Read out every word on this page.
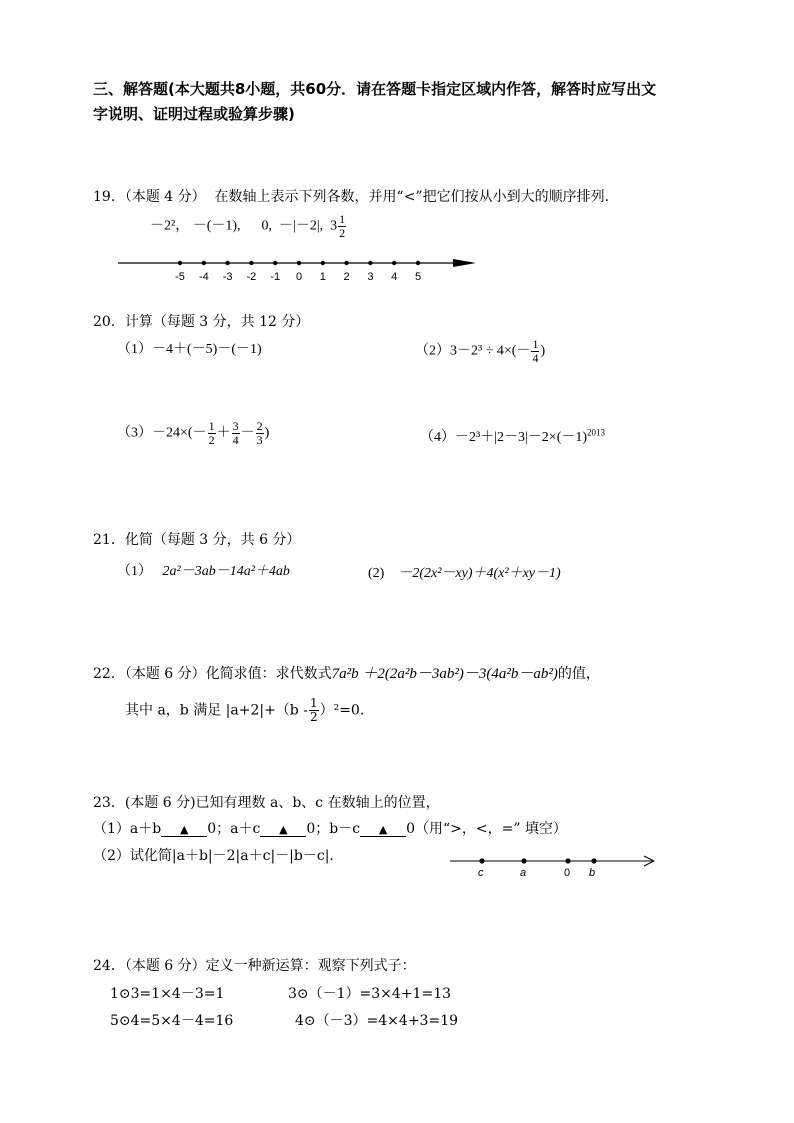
三、解答题(本大题共8小题，共60分．请在答题卡指定区域内作答，解答时应写出文
字说明、证明过程或验算步骤)
19．（本题 4 分） 在数轴上表示下列各数，并用“<”把它们按从小到大的顺序排列.
－2²， －(－1), 0, －|－2|, $3 \frac{1}{2}$
-5 -4 -3 -2 -1 0 1 2 3 4 5
20．计算（每题 3 分，共 12 分）
（1）－4＋(－5)－(－1)	$(2)3-2^3 \div 4\times(- \frac{1}{4}$ )
$(3)-24\times(- \frac{1}{2} + \frac{3}{4} - \frac{2}{3}$ )	$(4)-2^3+|2-3|-2\times(-1)^{2013}$
21．化简（每题 3 分，共 6 分）
（1） 2a²－3ab－14a²＋4ab	(2) －2(2x²－xy)＋4(x²＋xy－1)
22．（本题 6 分）化简求值：求代数式7a²b ＋2(2a²b－3ab²)－3(4a²b－ab²)的值，
其中 a，b 满足 $|a+2|+(b - \frac{1}{2} )^2=0$.
23．(本题 6 分)已知有理数 a、b、c 在数轴上的位置，
（1）a＋b ▲ 0；a＋c ▲ 0；b－c ▲ 0（用“>，<，=” 填空）
（2）试化简|a＋b|－2|a＋c|－|b－c|.
c	a	0 b
24．（本题 6 分）定义一种新运算：观察下列式子：
1⊙3=1×4－3=1	3⊙（－1）=3×4+1=13
5⊙4=5×4－4=16	4⊙（－3）=4×4+3=19
